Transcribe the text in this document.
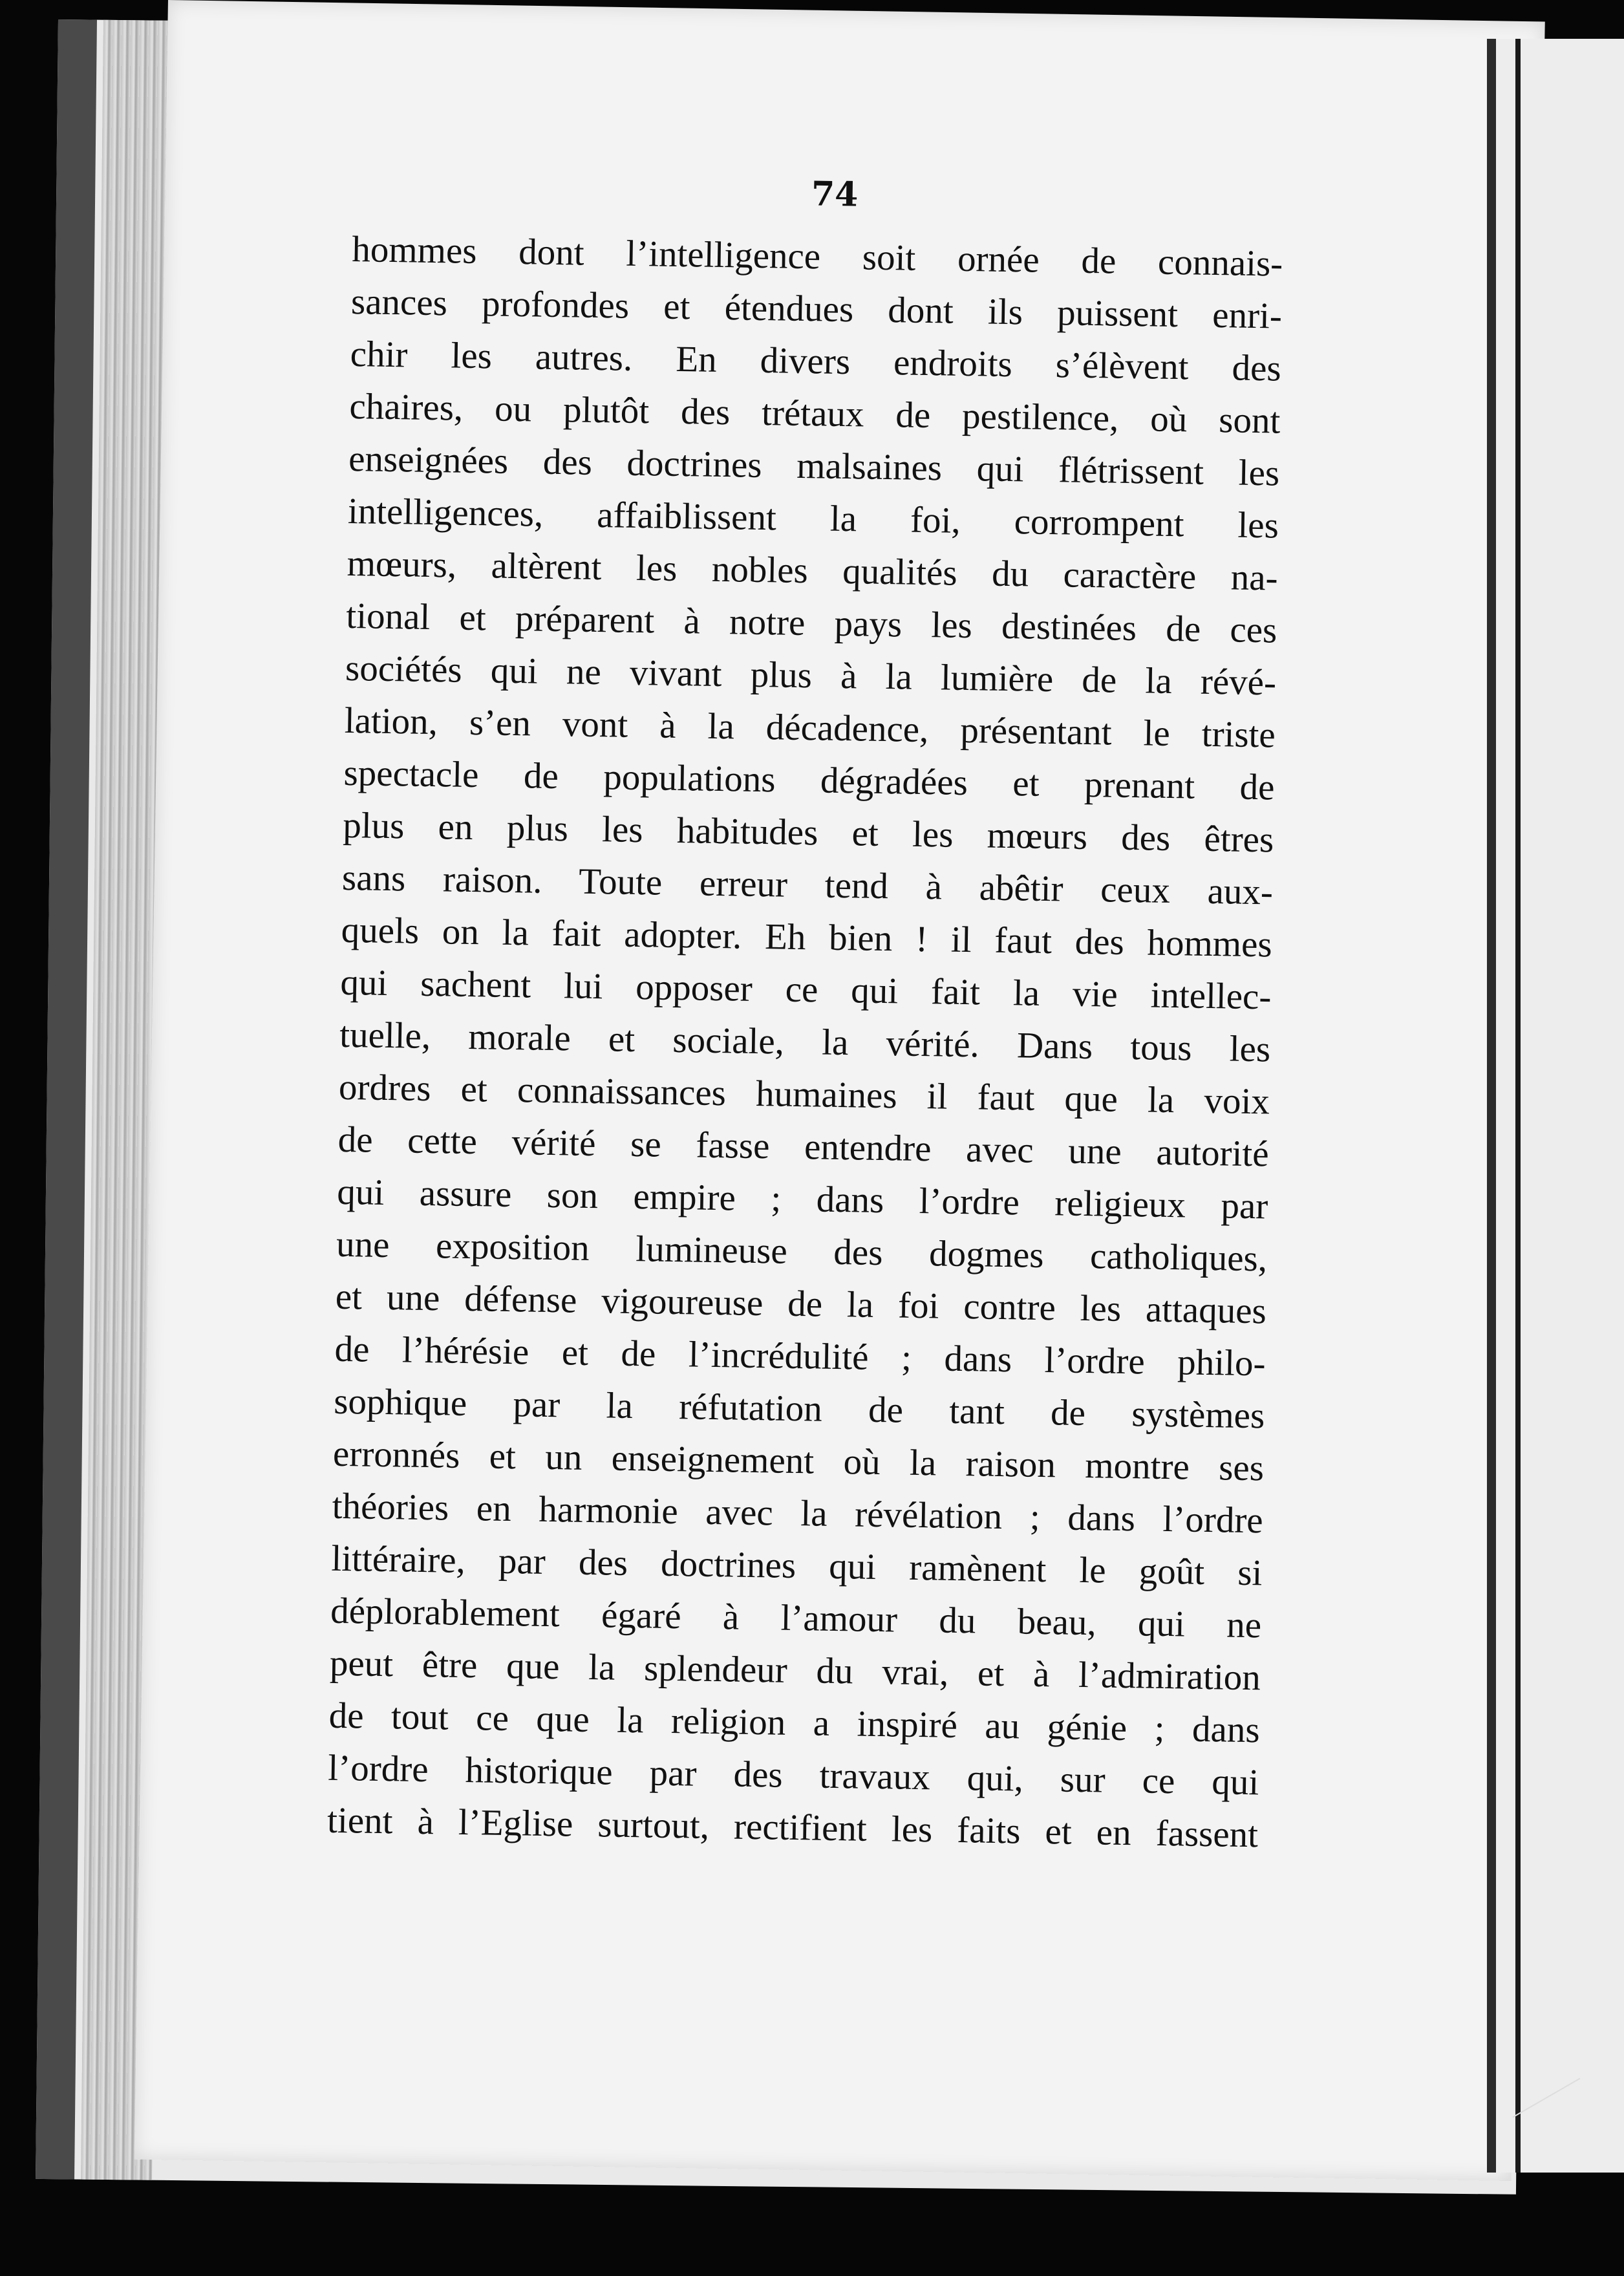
74
hommes dont l’intelligence soit ornée de connais-
sances profondes et étendues dont ils puissent enri-
chir les autres. En divers endroits s’élèvent des
chaires, ou plutôt des trétaux de pestilence, où sont
enseignées des doctrines malsaines qui flétrissent les
intelligences, affaiblissent la foi, corrompent les
mœurs, altèrent les nobles qualités du caractère na-
tional et préparent à notre pays les destinées de ces
sociétés qui ne vivant plus à la lumière de la révé-
lation, s’en vont à la décadence, présentant le triste
spectacle de populations dégradées et prenant de
plus en plus les habitudes et les mœurs des êtres
sans raison. Toute erreur tend à abêtir ceux aux-
quels on la fait adopter. Eh bien ! il faut des hommes
qui sachent lui opposer ce qui fait la vie intellec-
tuelle, morale et sociale, la vérité. Dans tous les
ordres et connaissances humaines il faut que la voix
de cette vérité se fasse entendre avec une autorité
qui assure son empire ; dans l’ordre religieux par
une exposition lumineuse des dogmes catholiques,
et une défense vigoureuse de la foi contre les attaques
de l’hérésie et de l’incrédulité ; dans l’ordre philo-
sophique par la réfutation de tant de systèmes
erronnés et un enseignement où la raison montre ses
théories en harmonie avec la révélation ; dans l’ordre
littéraire, par des doctrines qui ramènent le goût si
déplorablement égaré à l’amour du beau, qui ne
peut être que la splendeur du vrai, et à l’admiration
de tout ce que la religion a inspiré au génie ; dans
l’ordre historique par des travaux qui, sur ce qui
tient à l’Eglise surtout, rectifient les faits et en fassent
